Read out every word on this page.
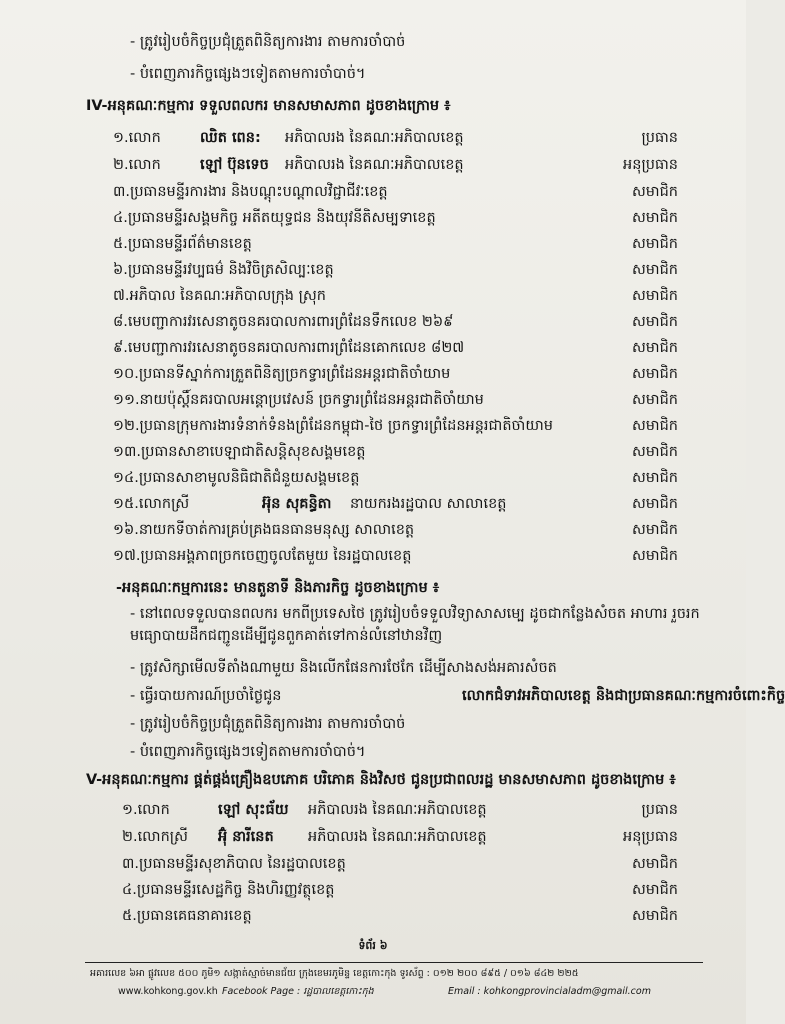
- ត្រូវរៀបចំកិច្ចប្រជុំត្រួតពិនិត្យការងារ តាមការចាំបាច់
- បំពេញភារកិច្ចផ្សេងៗទៀតតាមការចាំបាច់។
IV-អនុគណៈកម្មការ ទទួលពលករ មានសមាសភាព ដូចខាងក្រោម ៖
១.លោក	ឈិត ពេន: អភិបាលរង នៃគណៈអភិបាលខេត្ត	ប្រធាន
២.លោក	ឡៅ ប៊ុនទេច អភិបាលរង នៃគណៈអភិបាលខេត្ត	អនុប្រធាន
៣.ប្រធានមន្ទីរការងារ និងបណ្តុះបណ្តាលវិជ្ជាជីវៈខេត្ត	សមាជិក
៤.ប្រធានមន្ទីរសង្គមកិច្ច អតីតយុទ្ធជន និងយុវនីតិសម្បទាខេត្ត	សមាជិក
៥.ប្រធានមន្ទីរព័ត៌មានខេត្ត	សមាជិក
៦.ប្រធានមន្ទីរវប្បធម៌ និងវិចិត្រសិល្បៈខេត្ត	សមាជិក
៧.អភិបាល នៃគណៈអភិបាលក្រុង ស្រុក	សមាជិក
៨.មេបញ្ជាការវរសេនាតូចនគរបាលការពារព្រំដែនទឹកលេខ ២៦៩	សមាជិក
៩.មេបញ្ជាការវរសេនាតូចនគរបាលការពារព្រំដែនគោកលេខ ៨២៧	សមាជិក
១០.ប្រធានទីស្នាក់ការត្រួតពិនិត្យច្រកទ្វារព្រំដែនអន្តរជាតិចាំយាម	សមាជិក
១១.នាយប៉ុស្តិ៍នគរបាលអន្តោប្រវេសន៍ ច្រកទ្វារព្រំដែនអន្តរជាតិចាំយាម	សមាជិក
១២.ប្រធានក្រុមការងារទំនាក់ទំនងព្រំដែនកម្ពុជា-ថៃ ច្រកទ្វារព្រំដែនអន្តរជាតិចាំយាម	សមាជិក
១៣.ប្រធានសាខាបេឡាជាតិសន្តិសុខសង្គមខេត្ត	សមាជិក
១៤.ប្រធានសាខាមូលនិធិជាតិជំនួយសង្គមខេត្ត	សមាជិក
១៥.លោកស្រី	អ៊ុន សុគន្ធិតា នាយករងរដ្ឋបាល សាលាខេត្ត	សមាជិក
១៦.នាយកទីចាត់ការគ្រប់គ្រងធនធានមនុស្ស សាលាខេត្ត	សមាជិក
១៧.ប្រធានអង្គភាពច្រកចេញចូលតែមួយ នៃរដ្ឋបាលខេត្ត	សមាជិក
-អនុគណៈកម្មការនេះ មានតួនាទី និងភារកិច្ច ដូចខាងក្រោម ៖
- នៅពេលទទួលបានពលករ មកពីប្រទេសថៃ ត្រូវរៀបចំទទួលវិទ្យាសាសម្បេ ដូចជាកន្លែងសំចត អាហារ រួចរកមធ្យោបាយដឹកជញ្ជូនដើម្បីជូនពួកគាត់ទៅកាន់លំនៅឋានវិញ
- ត្រូវសិក្សាមើលទីតាំងណាមួយ និងលើកផែនការថែកែ ដើម្បីសាងសង់អគារសំចត
- ធ្វើរបាយការណ៍ប្រចាំថ្ងៃជូន	លោកជំទាវអភិបាលខេត្ត និងជាប្រធានគណៈកម្មការចំពោះកិច្ច
- ត្រូវរៀបចំកិច្ចប្រជុំត្រួតពិនិត្យការងារ តាមការចាំបាច់
- បំពេញភារកិច្ចផ្សេងៗទៀតតាមការចាំបាច់។
V-អនុគណៈកម្មការ ផ្គត់ផ្គង់គ្រឿងឧបភោគ បរិភោគ និងវិសថ ជូនប្រជាពលរដ្ឋ មានសមាសភាព ដូចខាងក្រោម ៖
១.លោក	ឡៅ សុះធ័យ អភិបាលរង នៃគណៈអភិបាលខេត្ត	ប្រធាន
២.លោកស្រី អ៊ុំ នារីនេត អភិបាលរង នៃគណៈអភិបាលខេត្ត	អនុប្រធាន
៣.ប្រធានមន្ទីរសុខាភិបាល នៃរដ្ឋបាលខេត្ត	សមាជិក
៤.ប្រធានមន្ទីរសេដ្ឋកិច្ច និងហិរញ្ញវត្ថុខេត្ត	សមាជិក
៥.ប្រធានគេធនាគារខេត្ត	សមាជិក
ទំព័រ ៦
អគារលេខ ៦អា ផ្លូវលេខ ៥០០ ភូមិ១ សង្កាត់ស្មាច់មានជ័យ ក្រុងខេមរភូមិន្ទ ខេត្តកោះកុង ទូរស័ព្ទ : ០១២ ២០០ ៨៩៥ / ០១៦ ៨៤២ ២២៥
www.kohkong.gov.kh Facebook Page : រដ្ឋបាលខេត្តកោះកុង	Email : kohkongprovincialadm@gmail.com
